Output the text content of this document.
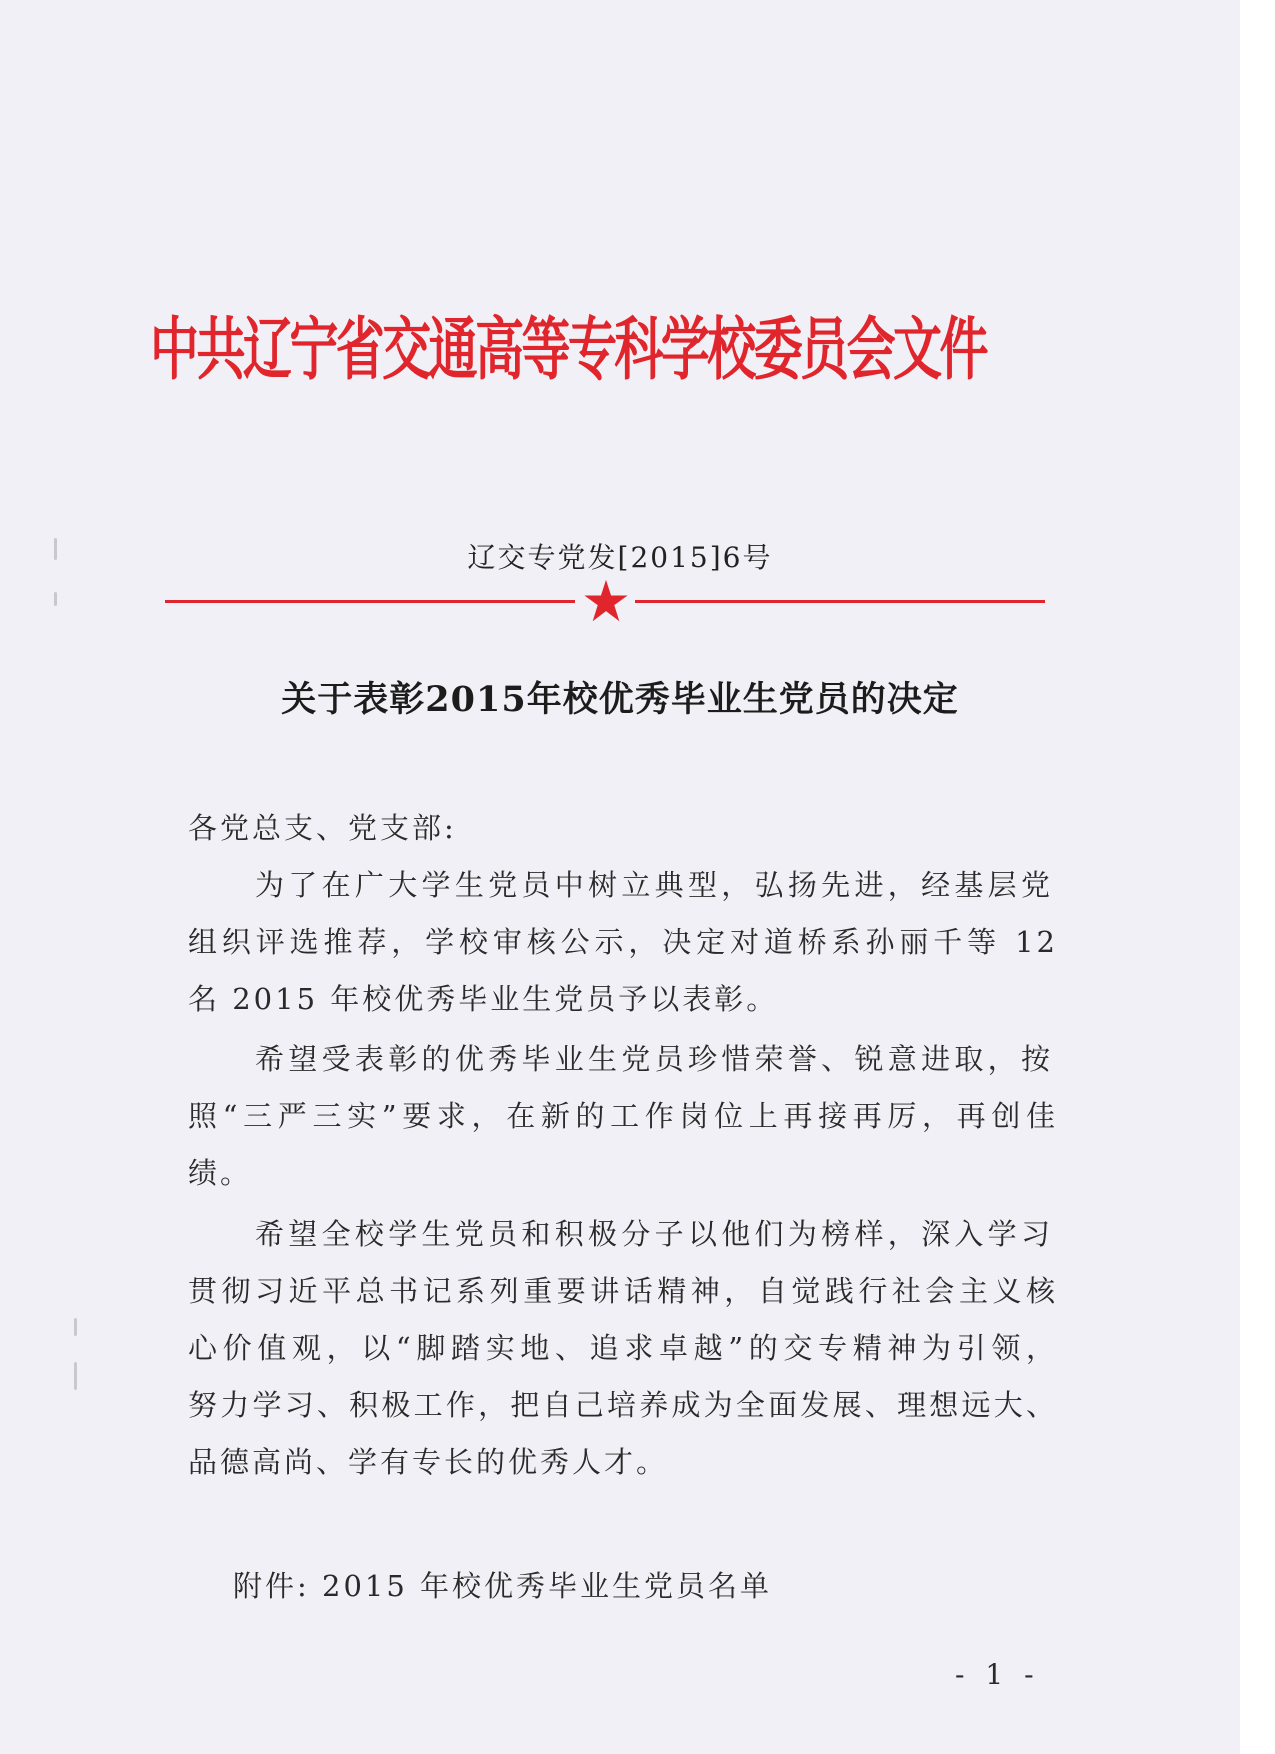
中共辽宁省交通高等专科学校委员会文件
辽交专党发[2015]6号
关于表彰2015年校优秀毕业生党员的决定
各党总支、党支部:
为了在广大学生党员中树立典型，弘扬先进，经基层党
组织评选推荐，学校审核公示，决定对道桥系孙丽千等 12
名 2015 年校优秀毕业生党员予以表彰。
希望受表彰的优秀毕业生党员珍惜荣誉、锐意进取，按
照“三严三实”要求，在新的工作岗位上再接再厉，再创佳
绩。
希望全校学生党员和积极分子以他们为榜样，深入学习
贯彻习近平总书记系列重要讲话精神，自觉践行社会主义核
心价值观，以“脚踏实地、追求卓越”的交专精神为引领，
努力学习、积极工作，把自己培养成为全面发展、理想远大、
品德高尚、学有专长的优秀人才。
附件: 2015 年校优秀毕业生党员名单
- 1 -
